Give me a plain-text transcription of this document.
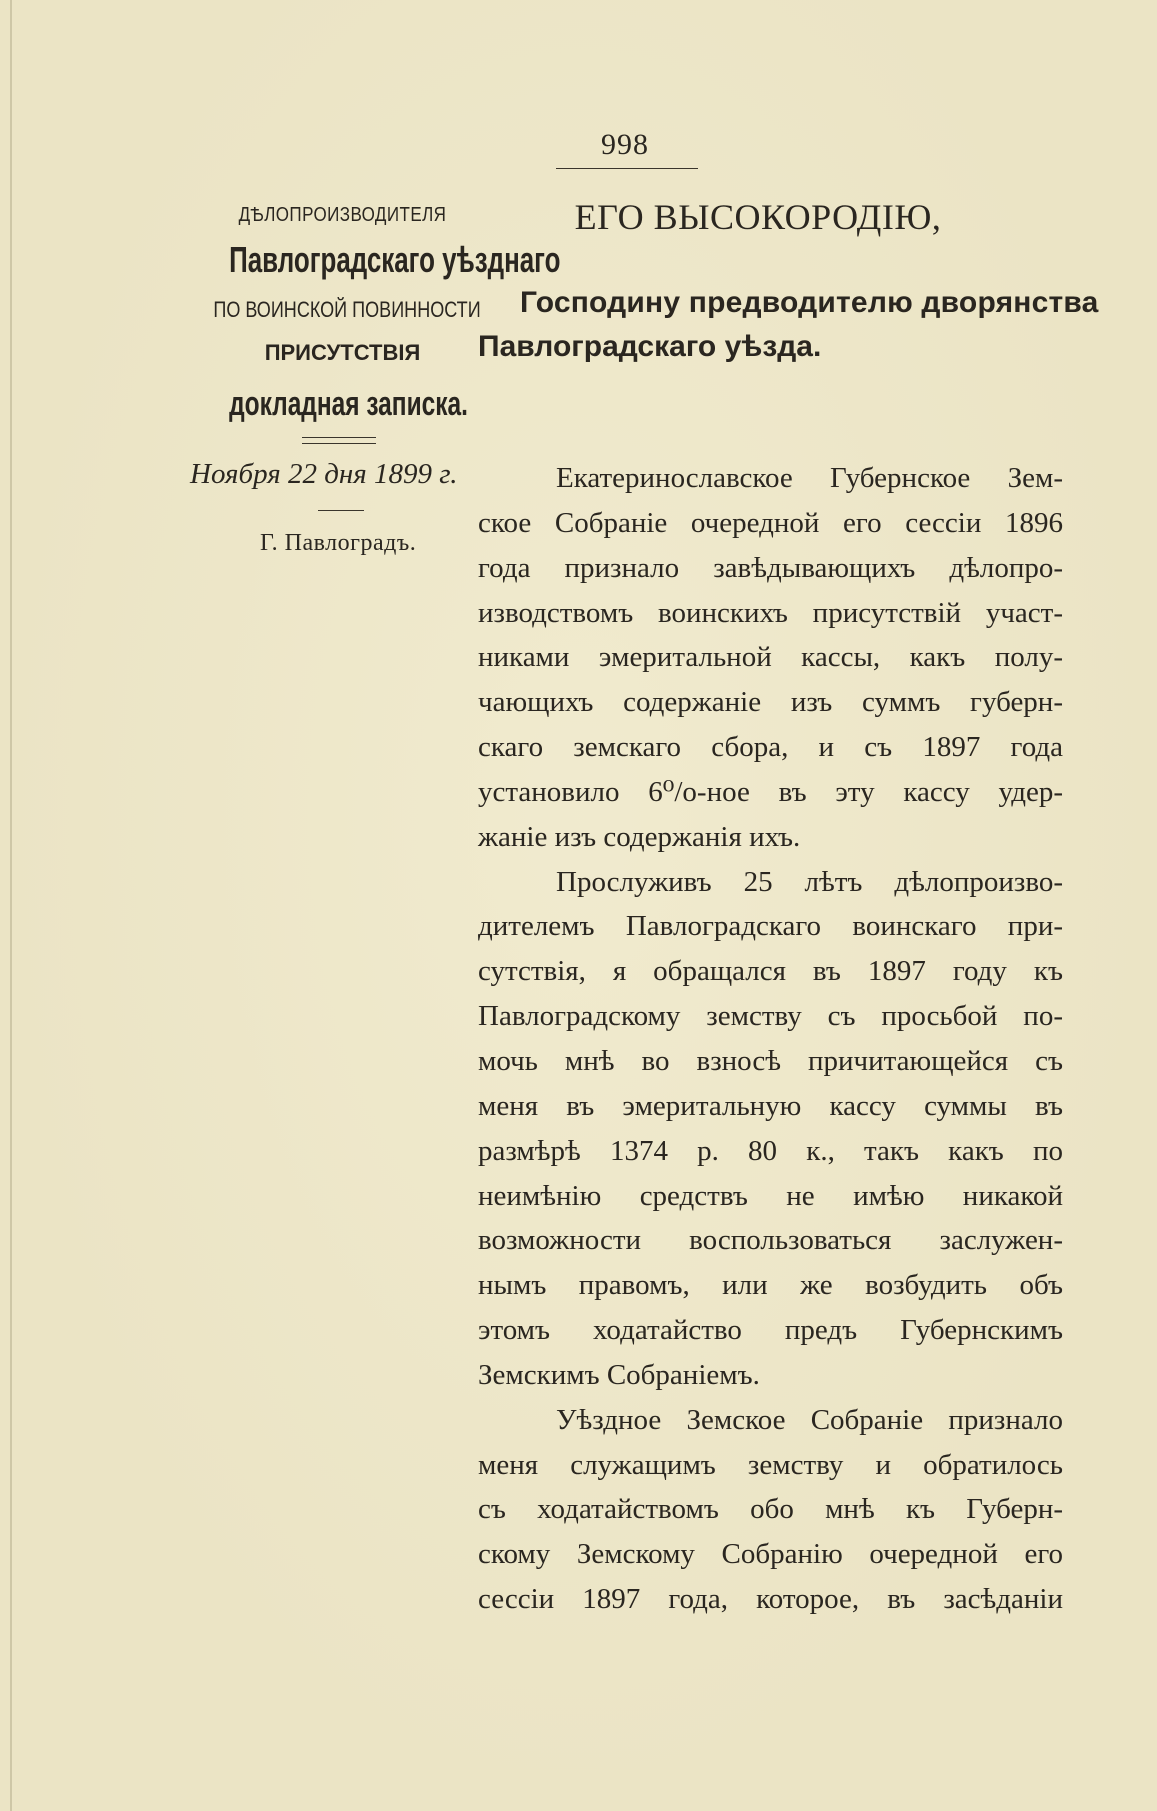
998

ДѢЛОПРОИЗВОДИТЕЛЯ

Павлоградскаго уѣзднаго

ПО ВОИНСКОЙ ПОВИННОСТИ

ПРИСУТСТВІЯ

докладная записка.

Ноября 22 дня 1899 г.
Г. Павлоградъ.
ЕГО ВЫСОКОРОДІЮ,
Господину предводителю дворянства
Павлоградскаго уѣзда.
Екатеринославское Губернское Зем-
ское Собраніе очередной его сессіи 1896
года признало завѣдывающихъ дѣлопро-
изводствомъ воинскихъ присутствій участ-
никами эмеритальной кассы, какъ полу-
чающихъ содержаніе изъ суммъ губерн-
скаго земскаго сбора, и съ 1897 года
установило 6⁰/о-ное въ эту кассу удер-
жаніе изъ содержанія ихъ.
Прослуживъ 25 лѣтъ дѣлопроизво-
дителемъ Павлоградскаго воинскаго при-
сутствія, я обращался въ 1897 году къ
Павлоградскому земству съ просьбой по-
мочь мнѣ во взносѣ причитающейся съ
меня въ эмеритальную кассу суммы въ
размѣрѣ 1374 р. 80 к., такъ какъ по
неимѣнію средствъ не имѣю никакой
возможности воспользоваться заслужен-
нымъ правомъ, или же возбудить объ
этомъ ходатайство предъ Губернскимъ
Земскимъ Собраніемъ.
Уѣздное Земское Собраніе признало
меня служащимъ земству и обратилось
съ ходатайствомъ обо мнѣ къ Губерн-
скому Земскому Собранію очередной его
сессіи 1897 года, которое, въ засѣданіи
